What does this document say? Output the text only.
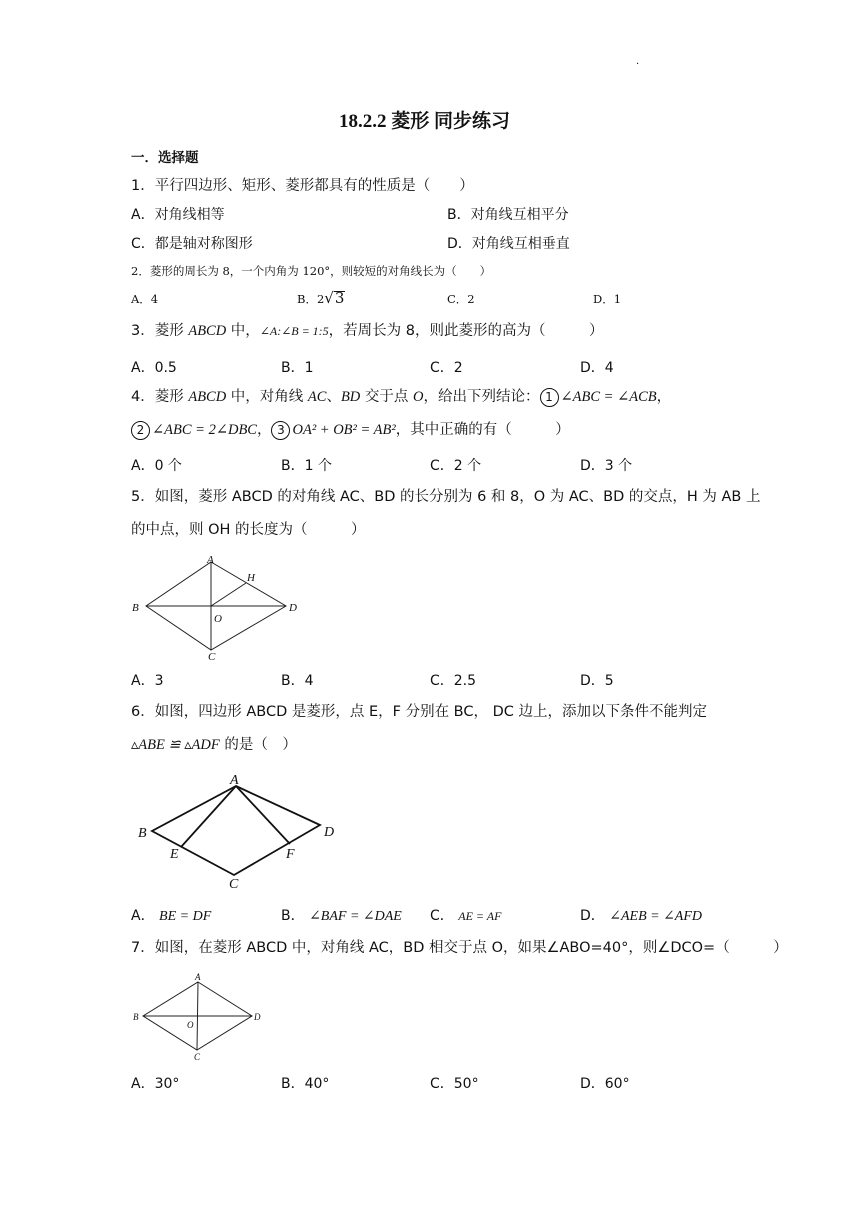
.
18.2.2 菱形 同步练习
一．选择题
1．平行四边形、矩形、菱形都具有的性质是（　　）
A．对角线相等	B．对角线互相平分
C．都是轴对称图形	D．对角线互相垂直
2．菱形的周长为 8，一个内角为 120°，则较短的对角线长为（　　）
A．4	B．2√3	C．2	D．1
3．菱形 ABCD 中，∠A:∠B = 1:5，若周长为 8，则此菱形的高为（　　　）
A．0.5	B．1	C．2	D．4
4．菱形 ABCD 中，对角线 AC、BD 交于点 O，给出下列结论： 1 ∠ABC = ∠ACB，
2 ∠ABC = 2∠DBC， 3 OA² + OB² = AB²，其中正确的有（　　　）
A．0 个	B．1 个	C．2 个	D．3 个
5．如图，菱形 ABCD 的对角线 AC、BD 的长分别为 6 和 8，O 为 AC、BD 的交点，H 为 AB 上
的中点，则 OH 的长度为（　　　）
A
B	D
C
O
H
A．3	B．4	C．2.5	D．5
6．如图，四边形 ABCD 是菱形，点 E，F 分别在 BC， DC 边上，添加以下条件不能判定
▵ABE ≌ ▵ADF 的是（　）
A
B	D
C
E	F
A． BE = DF	B． ∠BAF = ∠DAE C． AE = AF	D． ∠AEB = ∠AFD
7．如图，在菱形 ABCD 中，对角线 AC，BD 相交于点 O，如果∠ABO=40°，则∠DCO=（　　　）
A
B	D
C
O
A．30°	B．40°	C．50°	D．60°
